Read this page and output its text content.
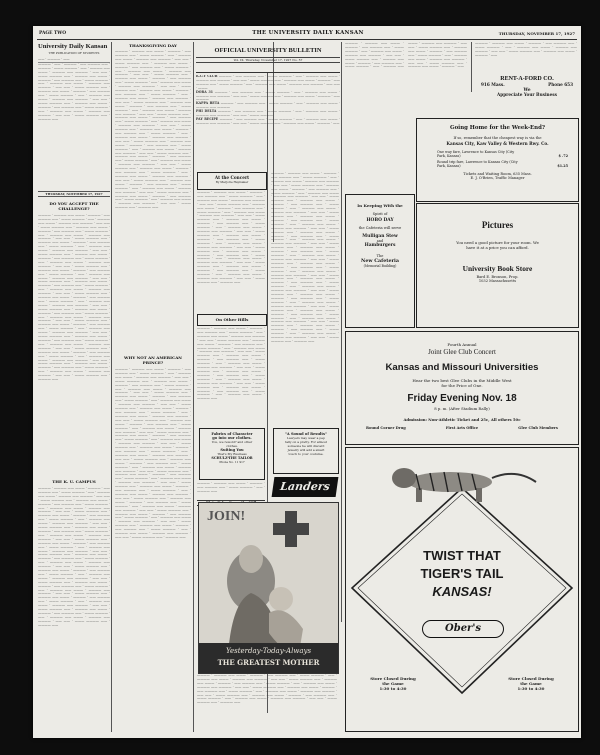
PAGE TWO	THE UNIVERSITY DAILY KANSAN	THURSDAY, NOVEMBER 17, 1927
University Daily Kansan
THE PUBLICATION OF STUDENTS
—— · ———— · ——
———— · —— · ———— · —— ———— —— · ———— · ——— ———— · —— · ———— —— ——— · ———— —— ———— · —— —— · ——— ———— —— · ———— —— ——— · ———— · —— ———— —— · ——— ———— · —— · ———— —— ——— · ———— —— ———— · —— —— · ——— ———— —— · ———— —— ——— · ———— · —— ———— —— · ——— ———— · —— · ———— —— ——— · ———— —— ———— · —— —— · ——— ———— —— · ———— —— ——— · ———— · —— ———— —— · ——— ———— · —— · ———— —— ——— · ———— —— ———— · —— —— · ——— ———— —— · ———— ——
THURSDAY, NOVEMBER 17, 1927
DO YOU ACCEPT THE CHALLENGE?
———— · ———— —— ——— · ———— · —— ———— —— · ——— ———— · —— · ———— —— ——— · ———— —— ———— · —— —— · ——— ———— —— · ———— —— ——— · ———— · —— ———— —— · ——— ———— · —— · ———— —— ——— · ———— —— ———— · —— —— · ——— ———— —— · ———— —— ——— · ———— · —— ———— —— · ——— ———— · —— · ———— —— ——— · ———— —— ———— · —— —— · ——— ———— —— · ———— —— ——— · ———— · —— ———— —— · ——— ———— · —— · ———— —— ——— · ———— —— ———— · —— —— · ——— ———— —— · ———— —— ——— · ———— · —— ———— —— · ——— ———— · —— · ———— —— ——— · ———— —— ———— · —— —— · ——— ———— —— · ———— —— ——— · ———— · —— ———— —— · ——— ———— · —— · ———— —— ——— · ———— —— ———— · —— —— · ——— ———— —— · ———— —— ——— · ———— · —— ———— —— · ——— ———— · —— · ———— —— ——— · ———— —— ———— · —— —— · ——— ———— —— · ———— —— ——— · ———— · —— ———— —— · ——— ———— · —— · ———— —— ——— · ———— —— ———— · —— —— · ——— ———— —— · ———— —— ——— · ———— · —— ———— —— · ——— ———— · —— · ———— —— ——— · ———— —— ———— · —— —— · ——— ———— —— · ———— —— ——— · ———— · —— ———— —— · ——— ———— · —— · ———— —— ——— · ———— —— ———— · —— —— · ——— ———— —— · ———— —— ——— · ———— · —— ———— —— · ——— ———— · —— · ———— —— ——— · ———— —— ———— · —— —— · ——— ———— —— · ———— —— ——— · ———— · —— ———— —— · ——— ———— · —— · ———— —— ——— · ———— —— ———— · —— —— · ——— ———— —— · ———— ——
THE K. U. CAMPUS
———— · ———— —— ——— · ———— · —— ———— —— · ——— ———— · —— · ———— —— ——— · ———— —— ———— · —— —— · ——— ———— —— · ———— —— ——— · ———— · —— ———— —— · ——— ———— · —— · ———— —— ——— · ———— —— ———— · —— —— · ——— ———— —— · ———— —— ——— · ———— · —— ———— —— · ——— ———— · —— · ———— —— ——— · ———— —— ———— · —— —— · ——— ———— —— · ———— —— ——— · ———— · —— ———— —— · ——— ———— · —— · ———— —— ——— · ———— —— ———— · —— —— · ——— ———— —— · ———— —— ——— · ———— · —— ———— —— · ——— ———— · —— · ———— —— ——— · ———— —— ———— · —— —— · ——— ———— —— · ———— —— ——— · ———— · —— ———— —— · ——— ———— · —— · ———— —— ——— · ———— —— ———— · —— —— · ——— ———— —— · ———— —— ——— · ———— · —— ———— —— · ——— ———— · —— · ———— —— ——— · ———— —— ———— · —— —— · ——— ———— —— · ———— —— ——— · ———— · —— ———— —— · ——— ———— · —— · ———— —— ——— · ———— —— ———— · —— —— · ——— ———— —— · ———— —— ——— · ———— · —— ———— —— · ——— ———— · —— · ———— —— ——— · ———— —— ———— · —— —— · ——— ———— —— · ———— —— ——— · ———— · —— ———— —— · ——— ———— · —— · ———— —— ——— · ———— —— ———— · —— —— · ——— ———— —— · ———— ——
THANKSGIVING DAY
———— · ———— —— ——— · ———— · —— ———— —— · ——— ———— · —— · ———— —— ——— · ———— —— ———— · —— —— · ——— ———— —— · ———— —— ——— · ———— · —— ———— —— · ——— ———— · —— · ———— —— ——— · ———— —— ———— · —— —— · ——— ———— —— · ———— —— ——— · ———— · —— ———— —— · ——— ———— · —— · ———— —— ——— · ———— —— ———— · —— —— · ——— ———— —— · ———— —— ——— · ———— · —— ———— —— · ——— ———— · —— · ———— —— ——— · ———— —— ———— · —— —— · ——— ———— —— · ———— —— ——— · ———— · —— ———— —— · ——— ———— · —— · ———— —— ——— · ———— —— ———— · —— —— · ——— ———— —— · ———— —— ——— · ———— · —— ———— —— · ——— ———— · —— · ———— —— ——— · ———— —— ———— · —— —— · ——— ———— —— · ———— —— ——— · ———— · —— ———— —— · ——— ———— · —— · ———— —— ——— · ———— —— ———— · —— —— · ——— ———— —— · ———— —— ——— · ———— · —— ———— —— · ——— ———— · —— · ———— —— ——— · ———— —— ———— · —— —— · ——— ———— —— · ———— —— ——— · ———— · —— ———— —— · ——— ———— · —— · ———— —— ——— · ———— —— ———— · —— —— · ——— ———— —— · ———— —— ——— · ———— · —— ———— —— · ——— ———— · —— · ———— —— ——— · ———— —— ———— · —— —— · ——— ———— —— · ———— —— ——— · ———— · —— ———— —— · ——— ———— · —— · ———— —— ——— · ———— —— ———— · —— —— · ——— ———— —— · ———— —— ——— · ———— · —— ———— —— · ——— ———— · —— · ———— —— ——— · ———— —— ———— · —— —— · ——— ———— —— · ———— ——
WHY NOT AN AMERICAN PRINCE?
———— · ———— —— ——— · ———— · —— ———— —— · ——— ———— · —— · ———— —— ——— · ———— —— ———— · —— —— · ——— ———— —— · ———— —— ——— · ———— · —— ———— —— · ——— ———— · —— · ———— —— ——— · ———— —— ———— · —— —— · ——— ———— —— · ———— —— ——— · ———— · —— ———— —— · ——— ———— · —— · ———— —— ——— · ———— —— ———— · —— —— · ——— ———— —— · ———— —— ——— · ———— · —— ———— —— · ——— ———— · —— · ———— —— ——— · ———— —— ———— · —— —— · ——— ———— —— · ———— —— ——— · ———— · —— ———— —— · ——— ———— · —— · ———— —— ——— · ———— —— ———— · —— —— · ——— ———— —— · ———— —— ——— · ———— · —— ———— —— · ——— ———— · —— · ———— —— ——— · ———— —— ———— · —— —— · ——— ———— —— · ———— —— ——— · ———— · —— ———— —— · ——— ———— · —— · ———— —— ——— · ———— —— ———— · —— —— · ——— ———— —— · ———— —— ——— · ———— · —— ———— —— · ——— ———— · —— · ———— —— ——— · ———— —— ———— · —— —— · ——— ———— —— · ———— —— ——— · ———— · —— ———— —— · ——— ———— · —— · ———— —— ——— · ———— —— ———— · —— —— · ——— ———— —— · ———— —— ——— · ———— · —— ———— —— · ——— ———— · —— · ———— —— ——— · ———— —— ———— · —— —— · ——— ———— —— · ———— —— ——— · ———— · —— ———— —— · ——— ———— · —— · ———— —— ——— · ———— —— ———— · —— —— · ——— ———— —— · ———— —— ——— · ———— · —— ———— —— · ——— ———— · —— · ———— —— ——— · ———— —— ———— · —— —— · ——— ———— —— · ———— —— ——— · ———— · —— ———— —— · ——— ———— · —— · ———— —— ——— · ———— —— ———— · —— —— · ——— ———— —— · ———— ——
OFFICIAL UNIVERSITY BULLETIN
Vol. IX. Thursday, November 17, 1927 No. 57
K.U.Y CLUB ———— · —— ———— —— · ——— ———— · —— · ———— —— ——— · ———— —— ———— · —— —— · ——— ———— —— · ———— —— ——— · ———— · —— ———— —— · ——— ———— · —— · ———— —— ——— · ———— —— ———— · —— —— · ———
DORA 31 ———— · —— ———— —— · ——— ———— · —— · ———— —— ——— · ———— —— ———— · —— —— · ——— ———— —— · ———— —— ——— · ———— · —— ————
KAPPA BETA ———— · —— ———— —— · ——— ———— · —— · ———— —— ——— · ———— —— ————
PHI DELTA ———— · —— ———— —— · ——— ———— · —— · ———— —— ——— · ———— —— ———— · —— —— · ——— ————
PAY RECIPE ———— · —— ———— —— · ——— ———— · —— · ———— —— ——— · ———— —— ———— · —— —— · ——— ———— —— · ———— —— ——— · ———— · ——
At the Concert
By Marjorie Haymaker
———— · ———— —— ——— · ———— · —— ———— —— · ——— ———— · —— · ———— —— ——— · ———— —— ———— · —— —— · ——— ———— —— · ———— —— ——— · ———— · —— ———— —— · ——— ———— · —— · ———— —— ——— · ———— —— ———— · —— —— · ——— ———— —— · ———— —— ——— · ———— · —— ———— —— · ——— ———— · —— · ———— —— ——— · ———— —— ———— · —— —— · ——— ———— —— · ———— —— ——— · ———— · —— ———— —— · ——— ———— · —— · ———— —— ——— · ———— —— ———— · —— —— · ——— ———— —— · ———— —— ——— · ———— · —— ———— —— · ——— ———— · —— · ———— —— ——— · ———— —— ———— · —— —— · ——— ———— —— · ———— —— ——— · ———— · —— ———— —— · ——— ———— · —— · ———— —— ——— · ———— —— ———— · —— —— · ——— ———— —— · ———— ——
On Other Hills
———— · ———— —— ——— · ———— · —— ———— —— · ——— ———— · —— · ———— —— ——— · ———— —— ———— · —— —— · ——— ———— —— · ———— —— ——— · ———— · —— ———— —— · ——— ———— · —— · ———— —— ——— · ———— —— ———— · —— —— · ——— ———— —— · ———— —— ——— · ———— · —— ———— —— · ——— ———— · —— · ———— —— ——— · ———— —— ———— · —— —— · ——— ———— —— · ———— —— ——— · ———— · —— ———— —— · ——— ———— · —— · ———— —— ——— · ———— —— ———— · —— —— · ——— ———— —— · ———— —— ——— · ———— · —— ———— —— · ——— ———— · —— · ———— —— ——— · ———— ——
Fabrics of Character
go into our clothes.
You, we rewold? and other
clothes.
Suiting You
That's My Business
SCHULZ-THE TAILOR
Phone No. 11 917
———— · ———— —— ——— · ———— · —— ———— —— · ——— ———— · —— · ———— ——
———— · ———— —— ——— · ———— · —— ———— —— · ——— ———— · —— · ———— —— ——— · ———— —— ———— · —— —— · ——— ———— —— · ———— —— ——— · ———— · —— ———— —— · ——— ———— · —— · ———— —— ——— · ———— —— ———— · —— —— · ——— ———— —— · ———— —— ——— · ———— · —— ———— —— · ——— ———— · —— · ———— —— ——— · ———— —— ———— · —— —— · ——— ———— —— · ———— —— ——— · ———— · —— ———— —— · ——— ———— · —— · ———— —— ——— · ———— —— ———— · —— —— · ——— ———— —— · ———— —— ——— · ———— · —— ———— —— · ——— ———— · —— · ———— —— ——— · ———— —— ———— · —— —— · ——— ———— —— · ———— —— ——— · ———— · —— ———— —— · ——— ———— · —— · ———— —— ——— · ———— —— ———— · —— —— · ——— ———— —— · ———— —— ——— · ———— · —— ———— —— · ——— ———— · —— · ———— —— ——— · ———— —— ———— · —— —— · ——— ———— —— · ———— —— ——— · ———— · —— ———— —— · ——— ———— · —— · ———— —— ——— · ———— —— ———— · —— —— · ——— ———— —— · ———— —— ——— · ———— · —— ———— —— · ——— ———— · —— · ———— —— ——— · ———— —— ———— · —— —— · ——— ———— —— · ———— —— ——— · ———— · —— ———— —— · ——— ———— · —— · ———— —— ——— · ———— —— ———— · —— —— · ——— ———— —— · ———— —— ——— · ———— · —— ———— —— · ——— ———— · —— · ———— —— ——— · ———— —— ———— · —— —— · ——— ———— —— · ———— ——
"A Sound of Results"
Lawyers may wear a pep
tally on a pretty. For almost
someone he will discard
Jewelry will add a smart
touch to your costume.
Landers
JOIN!
Yesterday-Today-Always
THE GREATEST MOTHER
———— · ———— —— ——— · ———— · —— ———— —— · ——— ———— · —— · ———— —— ——— · ———— —— ———— · —— —— · ——— ———— —— · ———— —— ——— · ———— · —— ———— —— · ——— ———— · —— · ———— —— ——— · ———— —— ———— · —— —— · ——— ———— —— · ———— —— ——— · ———— · —— ———— —— · ——— ———— · —— · ———— —— ——— · ———— —— ———— · —— —— · ——— ———— —— · ———— —— ——— · ———— · —— ———— —— · ——— ———— · —— · ———— —— ——— · ———— —— ———— · —— —— · ——— ———— —— · ———— ——
———— · ———— —— ——— · ———— · —— ———— —— · ——— ———— · —— · ———— —— ——— · ———— —— ———— · —— —— · ——— ———— —— · ———— —— ——— · ———— · —— ———— —— · ——— ———— · —— · ———— —— ——— · ———— —— ———— · —— —— · ——— ———— —— · ———— —— ——— · ———— · —— ———— —— · ——— ———— · —— · ———— —— ——— · ———— —— ———— · —— —— · ——— ———— —— · ———— —— ——— · ———— · ——
———— · ———— —— ——— · ———— · —— ———— —— · ——— ———— · —— · ———— —— ——— · ———— —— ———— · —— —— · ——— ———— —— · ———— —— ——— · ———— · ——
In Keeping With the
Spirit of
HOBO DAY
the Cafeteria will serve
Mulligan Stew
and
Hamburgers
The
New Cafeteria
(Memorial Building)
RENT-A-FORD CO.
916 Mass.	Phone 653
We
Appreciate Your Business
Going Home for the Week-End?
If so, remember that the cheapest way is via the
Kansas City, Kaw Valley & Western Rwy. Co.
One way fare, Lawrence to Kansas City (City
Park, Kansas)	$ .72
Round trip fare, Lawrence to Kansas City (City
Park, Kansas)	$1.25
Tickets and Waiting Room, 635 Mass.
E. J. O'Brien, Traffic Manager
Pictures
You need a good picture for your room. We
have it at a price you can afford.
University Book Store
Bard E. Bronson, Prop.
1032 Massachusetts
Fourth Annual
Joint Glee Club Concert
Kansas and Missouri Universities
Hear the two best Glee Clubs in the Middle West
for the Price of One.
Friday Evening Nov. 18
8 p. m. (After Stadium Rally)
Admission: Non-Athletic Ticket and 25c, All others 50c
Round Corner Drug	First Arts Office	Glee Club Members
TWIST THAT
TIGER'S TAIL
KANSAS!
Ober's
Store Closed During
the Game
1:30 to 4:30
Store Closed During
the Game
1:30 to 4:30
